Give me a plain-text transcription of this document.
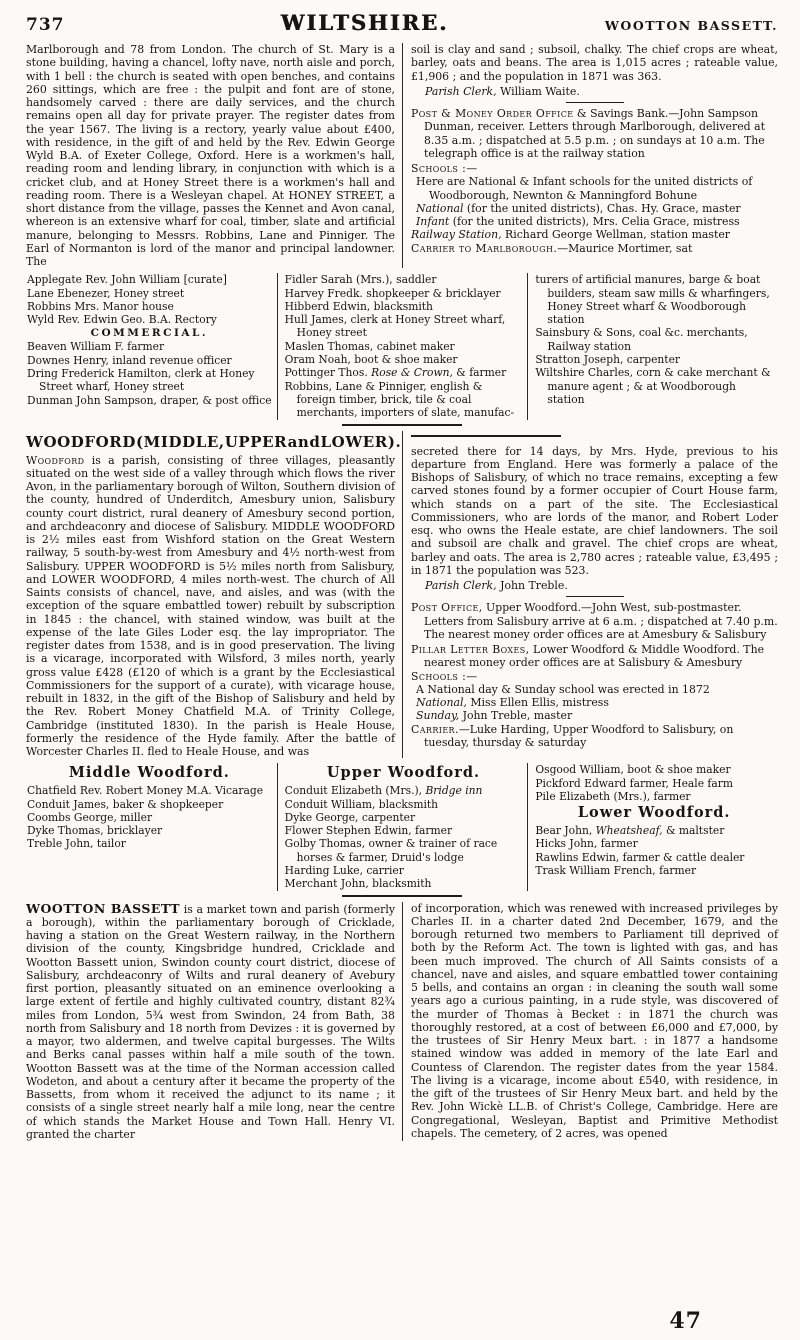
737	WILTSHIRE.	WOOTTON BASSETT.

Marlborough and 78 from London. The church of St. Mary is a stone building, having a chancel, lofty nave, north aisle and porch, with 1 bell : the church is seated with open benches, and contains 260 sittings, which are free : the pulpit and font are of stone, handsomely carved : there are daily services, and the church remains open all day for private prayer. The register dates from the year 1567. The living is a rectory, yearly value about £400, with residence, in the gift of and held by the Rev. Edwin George Wyld B.A. of Exeter College, Oxford. Here is a workmen's hall, reading room and lending library, in conjunction with which is a cricket club, and at Honey Street there is a workmen's hall and reading room. There is a Wesleyan chapel. At HONEY STREET, a short distance from the village, passes the Kennet and Avon canal, whereon is an extensive wharf for coal, timber, slate and artificial manure, belonging to Messrs. Robbins, Lane and Pinniger. The Earl of Normanton is lord of the manor and principal landowner. The

soil is clay and sand ; subsoil, chalky. The chief crops are wheat, barley, oats and beans. The area is 1,015 acres ; rateable value, £1,906 ; and the population in 1871 was 363.

Parish Clerk, William Waite.

Post & Money Order Office & Savings Bank.—John Sampson Dunman, receiver. Letters through Marlborough, delivered at 8.35 a.m. ; dispatched at 5.5 p.m. ; on sundays at 10 a.m. The telegraph office is at the railway station

Schools :—

Here are National & Infant schools for the united districts of Woodborough, Newnton & Manningford Bohune

National (for the united districts), Chas. Hy. Grace, master

Infant (for the united districts), Mrs. Celia Grace, mistress

Railway Station, Richard George Wellman, station master

Carrier to Marlborough.—Maurice Mortimer, sat

Applegate Rev. John William [curate]

Lane Ebenezer, Honey street

Robbins Mrs. Manor house

Wyld Rev. Edwin Geo. B.A. Rectory

COMMERCIAL.

Beaven William F. farmer

Downes Henry, inland revenue officer

Dring Frederick Hamilton, clerk at Honey Street wharf, Honey street

Dunman John Sampson, draper, & post office

Fidler Sarah (Mrs.), saddler

Harvey Fredk. shopkeeper & bricklayer

Hibberd Edwin, blacksmith

Hull James, clerk at Honey Street wharf, Honey street

Maslen Thomas, cabinet maker

Oram Noah, boot & shoe maker

Pottinger Thos. Rose & Crown, & farmer

Robbins, Lane & Pinniger, english & foreign timber, brick, tile & coal merchants, importers of slate, manufac-

turers of artificial manures, barge & boat builders, steam saw mills & wharfingers, Honey Street wharf & Woodborough station

Sainsbury & Sons, coal &c. merchants, Railway station

Stratton Joseph, carpenter

Wiltshire Charles, corn & cake merchant & manure agent ; & at Woodborough station

WOODFORD(MIDDLE,UPPERandLOWER).

Woodford is a parish, consisting of three villages, pleasantly situated on the west side of a valley through which flows the river Avon, in the parliamentary borough of Wilton, Southern division of the county, hundred of Underditch, Amesbury union, Salisbury county court district, rural deanery of Amesbury second portion, and archdeaconry and diocese of Salisbury. MIDDLE WOODFORD is 2½ miles east from Wishford station on the Great Western railway, 5 south-by-west from Amesbury and 4½ north-west from Salisbury. UPPER WOODFORD is 5½ miles north from Salisbury, and LOWER WOODFORD, 4 miles north-west. The church of All Saints consists of chancel, nave, and aisles, and was (with the exception of the square embattled tower) rebuilt by subscription in 1845 : the chancel, with stained window, was built at the expense of the late Giles Loder esq. the lay impropriator. The register dates from 1538, and is in good preservation. The living is a vicarage, incorporated with Wilsford, 3 miles north, yearly gross value £428 (£120 of which is a grant by the Ecclesiastical Commissioners for the support of a curate), with vicarage house, rebuilt in 1832, in the gift of the Bishop of Salisbury and held by the Rev. Robert Money Chatfield M.A. of Trinity College, Cambridge (instituted 1830). In the parish is Heale House, formerly the residence of the Hyde family. After the battle of Worcester Charles II. fled to Heale House, and was

secreted there for 14 days, by Mrs. Hyde, previous to his departure from England. Here was formerly a palace of the Bishops of Salisbury, of which no trace remains, excepting a few carved stones found by a former occupier of Court House farm, which stands on a part of the site. The Ecclesiastical Commissioners, who are lords of the manor, and Robert Loder esq. who owns the Heale estate, are chief landowners. The soil and subsoil are chalk and gravel. The chief crops are wheat, barley and oats. The area is 2,780 acres ; rateable value, £3,495 ; in 1871 the population was 523.

Parish Clerk, John Treble.

Post Office, Upper Woodford.—John West, sub-postmaster. Letters from Salisbury arrive at 6 a.m. ; dispatched at 7.40 p.m. The nearest money order offices are at Amesbury & Salisbury

Pillar Letter Boxes, Lower Woodford & Middle Woodford. The nearest money order offices are at Salisbury & Amesbury

Schools :—

A National day & Sunday school was erected in 1872

National, Miss Ellen Ellis, mistress

Sunday, John Treble, master

Carrier.—Luke Harding, Upper Woodford to Salisbury, on tuesday, thursday & saturday

Middle Woodford.

Chatfield Rev. Robert Money M.A. Vicarage

Conduit James, baker & shopkeeper

Coombs George, miller

Dyke Thomas, bricklayer

Treble John, tailor

Upper Woodford.

Conduit Elizabeth (Mrs.), Bridge inn

Conduit William, blacksmith

Dyke George, carpenter

Flower Stephen Edwin, farmer

Golby Thomas, owner & trainer of race horses & farmer, Druid's lodge

Harding Luke, carrier

Merchant John, blacksmith

Osgood William, boot & shoe maker

Pickford Edward farmer, Heale farm

Pile Elizabeth (Mrs.), farmer

Lower Woodford.

Bear John, Wheatsheaf, & maltster

Hicks John, farmer

Rawlins Edwin, farmer & cattle dealer

Trask William French, farmer

WOOTTON BASSETT is a market town and parish (formerly a borough), within the parliamentary borough of Cricklade, having a station on the Great Western railway, in the Northern division of the county, Kingsbridge hundred, Cricklade and Wootton Bassett union, Swindon county court district, diocese of Salisbury, archdeaconry of Wilts and rural deanery of Avebury first portion, pleasantly situated on an eminence overlooking a large extent of fertile and highly cultivated country, distant 82¾ miles from London, 5¾ west from Swindon, 24 from Bath, 38 north from Salisbury and 18 north from Devizes : it is governed by a mayor, two aldermen, and twelve capital burgesses. The Wilts and Berks canal passes within half a mile south of the town. Wootton Bassett was at the time of the Norman accession called Wodeton, and about a century after it became the property of the Bassetts, from whom it received the adjunct to its name ; it consists of a single street nearly half a mile long, near the centre of which stands the Market House and Town Hall. Henry VI. granted the charter

of incorporation, which was renewed with increased privileges by Charles II. in a charter dated 2nd December, 1679, and the borough returned two members to Parliament till deprived of both by the Reform Act. The town is lighted with gas, and has been much improved. The church of All Saints consists of a chancel, nave and aisles, and square embattled tower containing 5 bells, and contains an organ : in cleaning the south wall some years ago a curious painting, in a rude style, was discovered of the murder of Thomas à Becket : in 1871 the church was thoroughly restored, at a cost of between £6,000 and £7,000, by the trustees of Sir Henry Meux bart. : in 1877 a handsome stained window was added in memory of the late Earl and Countess of Clarendon. The register dates from the year 1584. The living is a vicarage, income about £540, with residence, in the gift of the trustees of Sir Henry Meux bart. and held by the Rev. John Wickè LL.B. of Christ's College, Cambridge. Here are Congregational, Wesleyan, Baptist and Primitive Methodist chapels. The cemetery, of 2 acres, was opened

47
